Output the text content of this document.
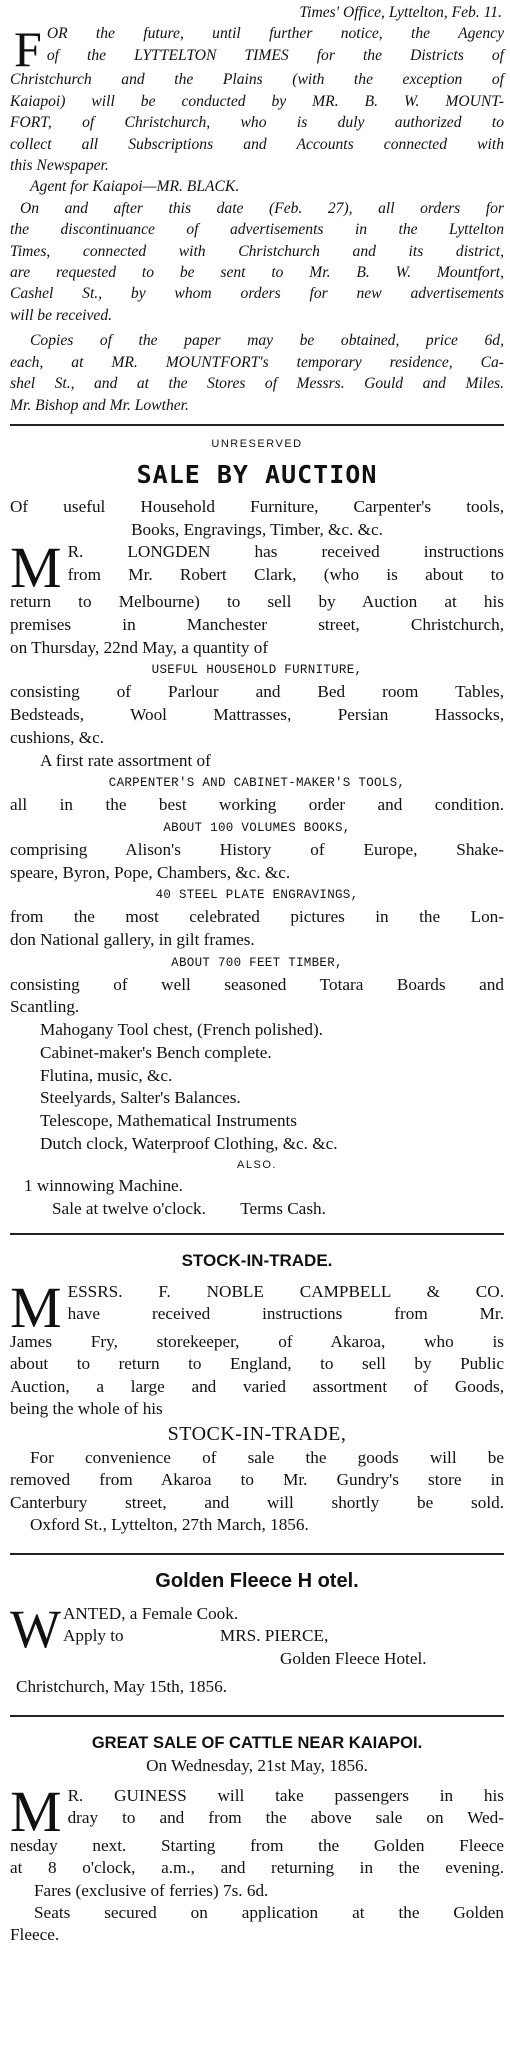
Times' Office, Lyttelton, Feb. 11.

F OR the future, until further notice, the Agency

of the LYTTELTON TIMES for the Districts of

Christchurch and the Plains (with the exception of

Kaiapoi) will be conducted by MR. B. W. MOUNT-

FORT, of Christchurch, who is duly authorized to

collect all Subscriptions and Accounts connected with

this Newspaper.

Agent for Kaiapoi—MR. BLACK.

On and after this date (Feb. 27), all orders for

the discontinuance of advertisements in the Lyttelton

Times, connected with Christchurch and its district,

are requested to be sent to Mr. B. W. Mountfort,

Cashel St., by whom orders for new advertisements

will be received.

Copies of the paper may be obtained, price 6d,

each, at MR. MOUNTFORT's temporary residence, Ca-

shel St., and at the Stores of Messrs. Gould and Miles.

Mr. Bishop and Mr. Lowther.

UNRESERVED

SALE BY AUCTION

Of useful Household Furniture, Carpenter's tools,

Books, Engravings, Timber, &c. &c.

M R. LONGDEN has received instructions

from Mr. Robert Clark, (who is about to

return to Melbourne) to sell by Auction at his

premises in Manchester street, Christchurch,

on Thursday, 22nd May, a quantity of

USEFUL HOUSEHOLD FURNITURE,

consisting of Parlour and Bed room Tables,

Bedsteads, Wool Mattrasses, Persian Hassocks,

cushions, &c.

A first rate assortment of

CARPENTER'S AND CABINET-MAKER'S TOOLS,

all in the best working order and condition.

ABOUT 100 VOLUMES BOOKS,

comprising Alison's History of Europe, Shake-

speare, Byron, Pope, Chambers, &c. &c.

40 STEEL PLATE ENGRAVINGS,

from the most celebrated pictures in the Lon-

don National gallery, in gilt frames.

ABOUT 700 FEET TIMBER,

consisting of well seasoned Totara Boards and

Scantling.

Mahogany Tool chest, (French polished).

Cabinet-maker's Bench complete.

Flutina, music, &c.

Steelyards, Salter's Balances.

Telescope, Mathematical Instruments

Dutch clock, Waterproof Clothing, &c. &c.

ALSO.

1 winnowing Machine.

Sale at twelve o'clock. Terms Cash.

STOCK-IN-TRADE.

M ESSRS. F. NOBLE CAMPBELL & CO.

have received instructions from Mr.

James Fry, storekeeper, of Akaroa, who is

about to return to England, to sell by Public

Auction, a large and varied assortment of Goods,

being the whole of his

STOCK-IN-TRADE,

For convenience of sale the goods will be

removed from Akaroa to Mr. Gundry's store in

Canterbury street, and will shortly be sold.

Oxford St., Lyttelton, 27th March, 1856.

Golden Fleece H otel.

W ANTED, a Female Cook.

Apply to	MRS. PIERCE,

Golden Fleece Hotel.

Christchurch, May 15th, 1856.

GREAT SALE OF CATTLE NEAR KAIAPOI.

On Wednesday, 21st May, 1856.

M R. GUINESS will take passengers in his

dray to and from the above sale on Wed-

nesday next. Starting from the Golden Fleece

at 8 o'clock, a.m., and returning in the evening.

Fares (exclusive of ferries) 7s. 6d.

Seats secured on application at the Golden

Fleece.
